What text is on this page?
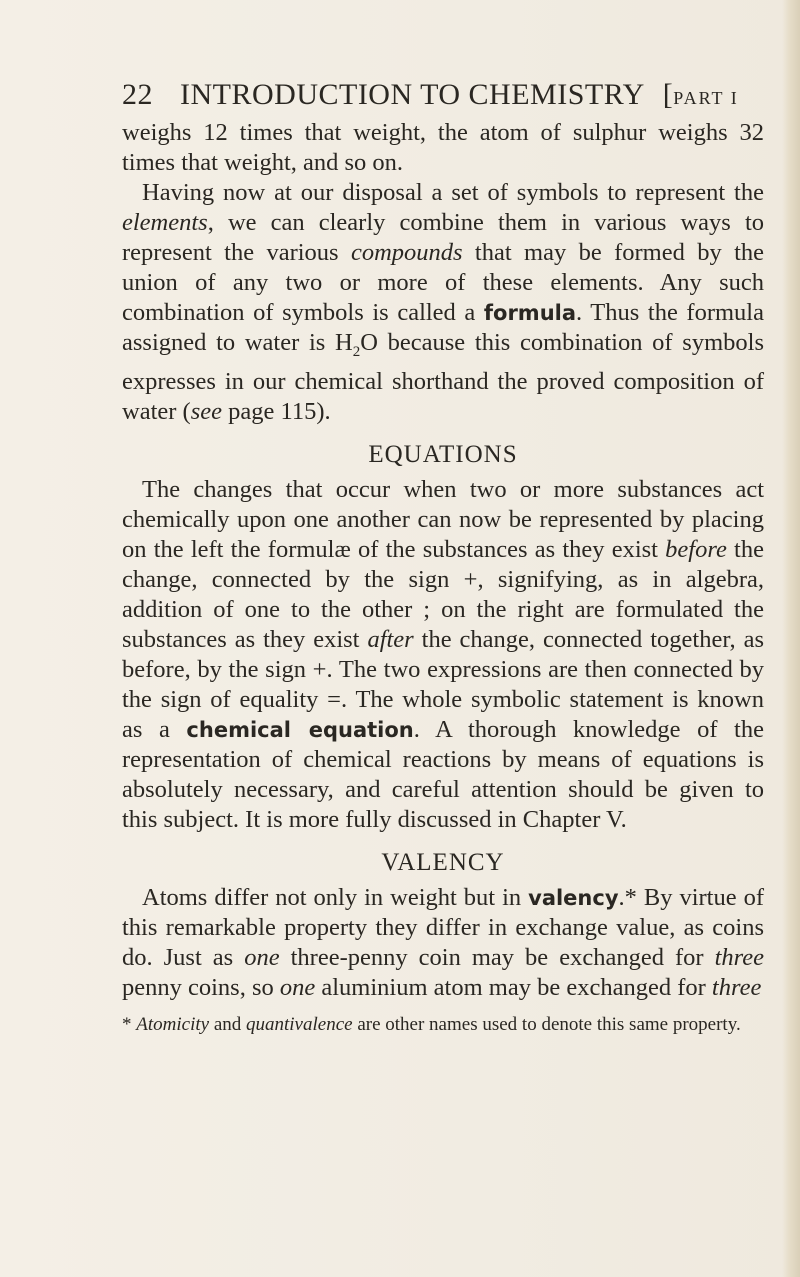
22 INTRODUCTION TO CHEMISTRY [PART I

weighs 12 times that weight, the atom of sulphur weighs 32 times that weight, and so on.

Having now at our disposal a set of symbols to represent the elements, we can clearly combine them in various ways to represent the various compounds that may be formed by the union of any two or more of these elements. Any such combination of symbols is called a formula. Thus the formula assigned to water is $H_2O$ because this combination of symbols expresses in our chemical shorthand the proved composition of water (see page 115).

EQUATIONS

The changes that occur when two or more substances act chemically upon one another can now be represented by placing on the left the formulæ of the substances as they exist before the change, connected by the sign +, signifying, as in algebra, addition of one to the other ; on the right are formulated the substances as they exist after the change, connected together, as before, by the sign +. The two expressions are then connected by the sign of equality =. The whole symbolic statement is known as a chemical equation. A thorough knowledge of the representation of chemical reactions by means of equations is absolutely necessary, and careful attention should be given to this subject. It is more fully discussed in Chapter V.

VALENCY

Atoms differ not only in weight but in valency.* By virtue of this remarkable property they differ in exchange value, as coins do. Just as one three-penny coin may be exchanged for three penny coins, so one aluminium atom may be exchanged for three

* Atomicity and quantivalence are other names used to denote this same property.
